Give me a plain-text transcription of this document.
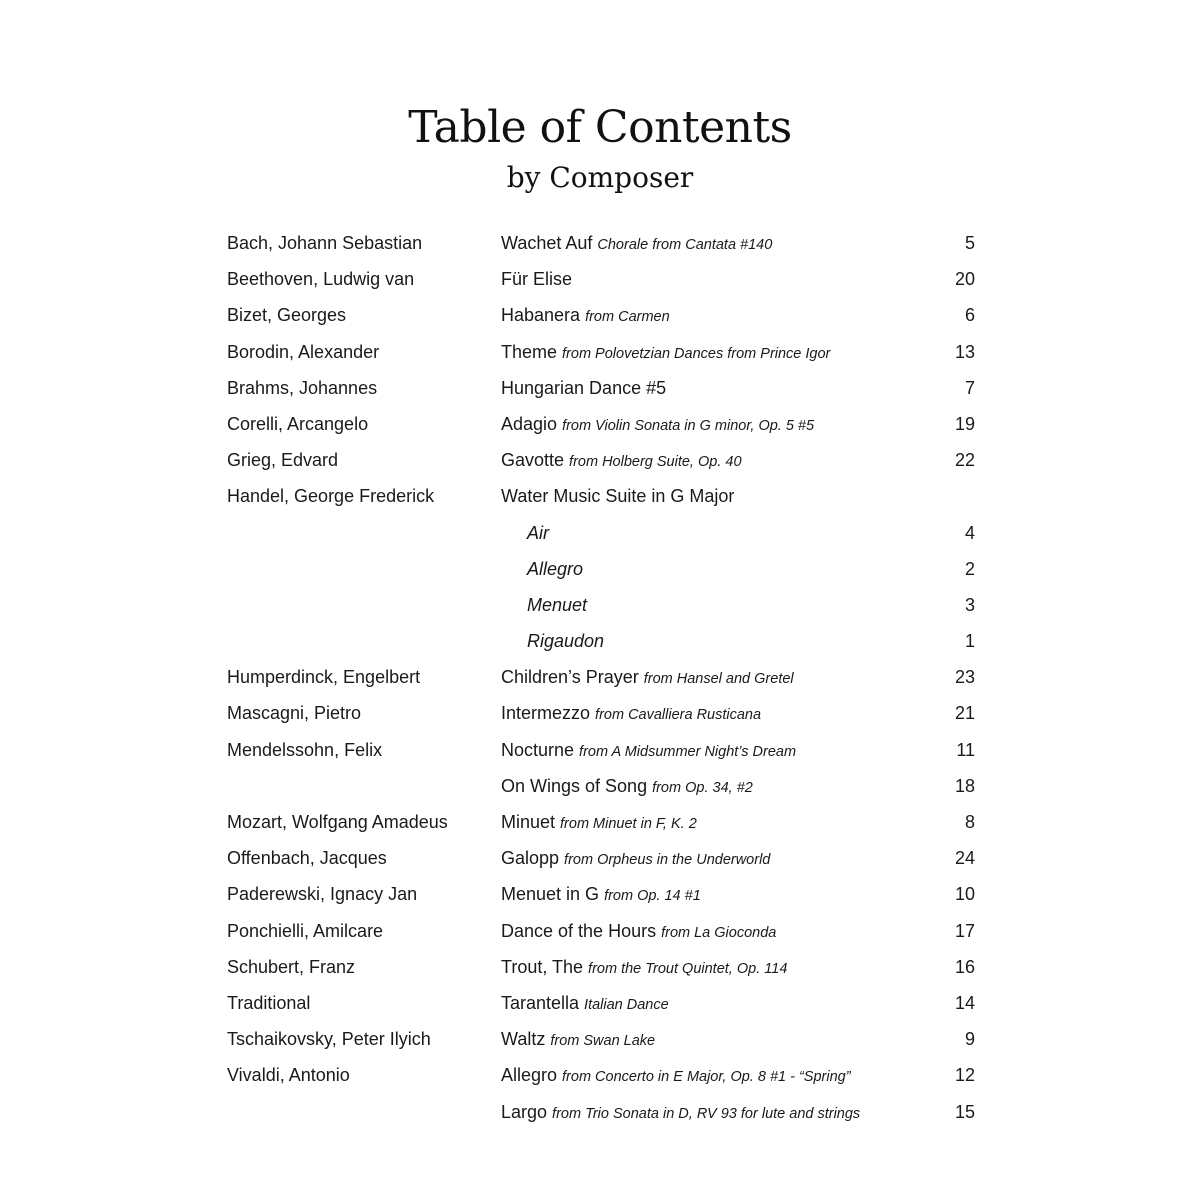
Table of Contents
by Composer
Bach, Johann Sebastian	Wachet Auf Chorale from Cantata #140	5
Beethoven, Ludwig van	Für Elise	20
Bizet, Georges	Habanera from Carmen	6
Borodin, Alexander	Theme from Polovetzian Dances from Prince Igor	13
Brahms, Johannes	Hungarian Dance #5	7
Corelli, Arcangelo	Adagio from Violin Sonata in G minor, Op. 5 #5	19
Grieg, Edvard	Gavotte from Holberg Suite, Op. 40	22
Handel, George Frederick	Water Music Suite in G Major
Air	4
Allegro	2
Menuet	3
Rigaudon	1
Humperdinck, Engelbert	Children’s Prayer from Hansel and Gretel	23
Mascagni, Pietro	Intermezzo from Cavalliera Rusticana	21
Mendelssohn, Felix	Nocturne from A Midsummer Night’s Dream	11
On Wings of Song from Op. 34, #2	18
Mozart, Wolfgang Amadeus	Minuet from Minuet in F, K. 2	8
Offenbach, Jacques	Galopp from Orpheus in the Underworld	24
Paderewski, Ignacy Jan	Menuet in G from Op. 14 #1	10
Ponchielli, Amilcare	Dance of the Hours from La Gioconda	17
Schubert, Franz	Trout, The from the Trout Quintet, Op. 114	16
Traditional	Tarantella Italian Dance	14
Tschaikovsky, Peter Ilyich	Waltz from Swan Lake	9
Vivaldi, Antonio	Allegro from Concerto in E Major, Op. 8 #1 - “Spring”	12
Largo from Trio Sonata in D, RV 93 for lute and strings	15
